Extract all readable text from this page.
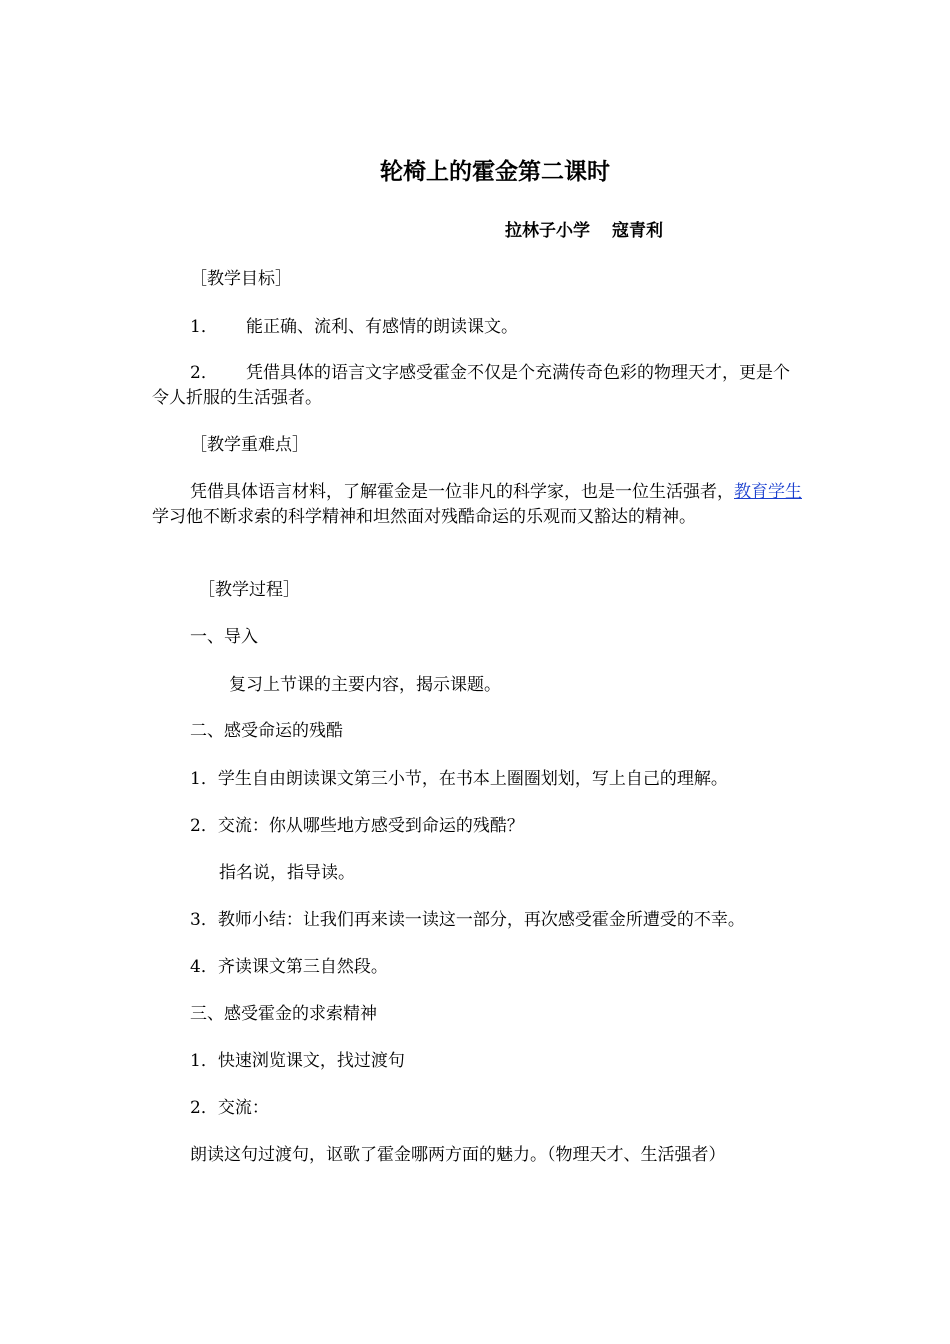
轮椅上的霍金第二课时
拉林子小学 寇青利
［教学目标］
1． 能正确、流利、有感情的朗读课文。
2． 凭借具体的语言文字感受霍金不仅是个充满传奇色彩的物理天才，更是个令人折服的生活强者。
［教学重难点］
凭借具体语言材料，了解霍金是一位非凡的科学家，也是一位生活强者，教育学生学习他不断求索的科学精神和坦然面对残酷命运的乐观而又豁达的精神。
［教学过程］
一、导入
复习上节课的主要内容，揭示课题。
二、感受命运的残酷
1．学生自由朗读课文第三小节，在书本上圈圈划划，写上自己的理解。
2．交流：你从哪些地方感受到命运的残酷？
指名说，指导读。
3．教师小结：让我们再来读一读这一部分，再次感受霍金所遭受的不幸。
4．齐读课文第三自然段。
三、感受霍金的求索精神
1．快速浏览课文，找过渡句
2．交流：
朗读这句过渡句，讴歌了霍金哪两方面的魅力。（物理天才、生活强者）
